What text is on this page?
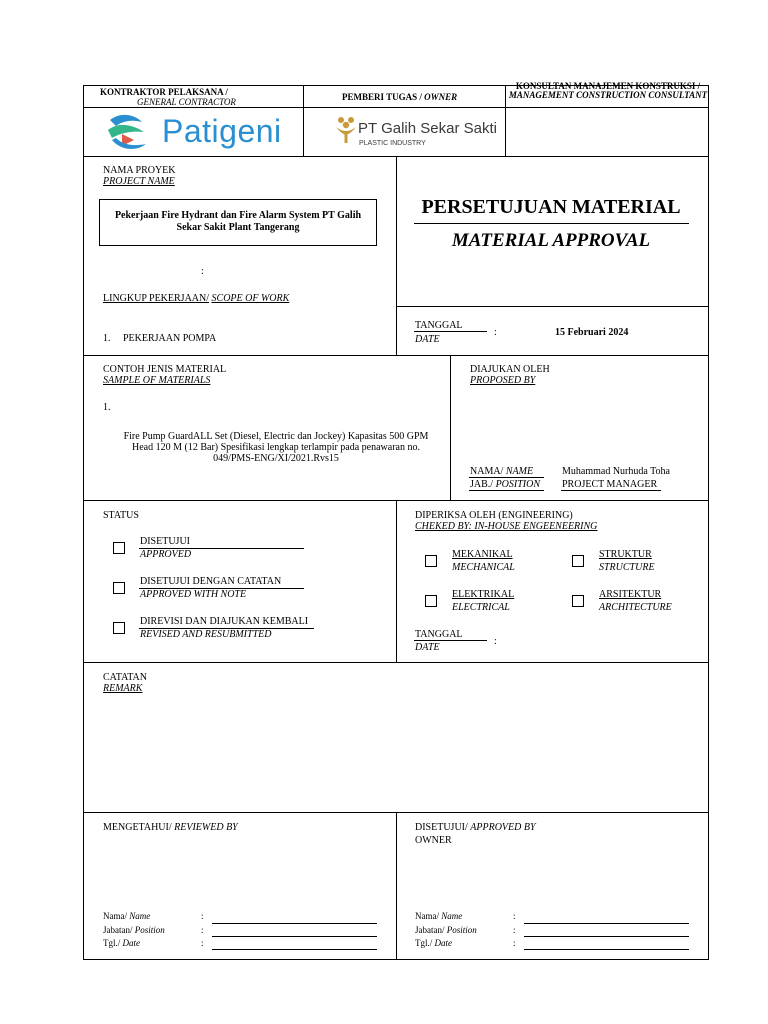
KONTRAKTOR PELAKSANA /
GENERAL CONTRACTOR	PEMBERI TUGAS / OWNER
KONSULTAN MANAJEMEN KONSTRUKSI /
MANAGEMENT CONSTRUCTION CONSULTANT
Patigeni	PT Galih Sekar Sakti
PLASTIC INDUSTRY
NAMA PROYEK
PROJECT NAME
Pekerjaan Fire Hydrant dan Fire Alarm System PT Galih Sekar Sakit Plant Tangerang
:
LINGKUP PEKERJAAN/ SCOPE OF WORK
1.     PEKERJAAN POMPA
PERSETUJUAN MATERIAL
MATERIAL APPROVAL
TANGGAL
DATE
:	15 Februari 2024
CONTOH JENIS MATERIAL
SAMPLE OF MATERIALS
1.
Fire Pump GuardALL Set (Diesel, Electric dan Jockey) Kapasitas 500 GPM Head 120 M (12 Bar) Spesifikasi lengkap terlampir pada penawaran no. 049/PMS-ENG/XI/2021.Rvs15
DIAJUKAN OLEH
PROPOSED BY
NAMA/ NAME	Muhammad Nurhuda Toha
JAB./ POSITION PROJECT MANAGER
STATUS
DISETUJUI
APPROVED
DISETUJUI DENGAN CATATAN
APPROVED WITH NOTE
DIREVISI DAN DIAJUKAN KEMBALI
REVISED AND RESUBMITTED
DIPERIKSA OLEH (ENGINEERING)
CHEKED BY: IN-HOUSE ENGEENEERING
MEKANIKAL
MECHANICAL
STRUKTUR
STRUCTURE
ELEKTRIKAL
ELECTRICAL
ARSITEKTUR
ARCHITECTURE
TANGGAL
DATE
:
CATATAN
REMARK
MENGETAHUI/ REVIEWED BY
Nama/ Name	:
Jabatan/ Position	:
Tgl./ Date	:
DISETUJUI/ APPROVED BY
OWNER
Nama/ Name	:
Jabatan/ Position	:
Tgl./ Date	:
